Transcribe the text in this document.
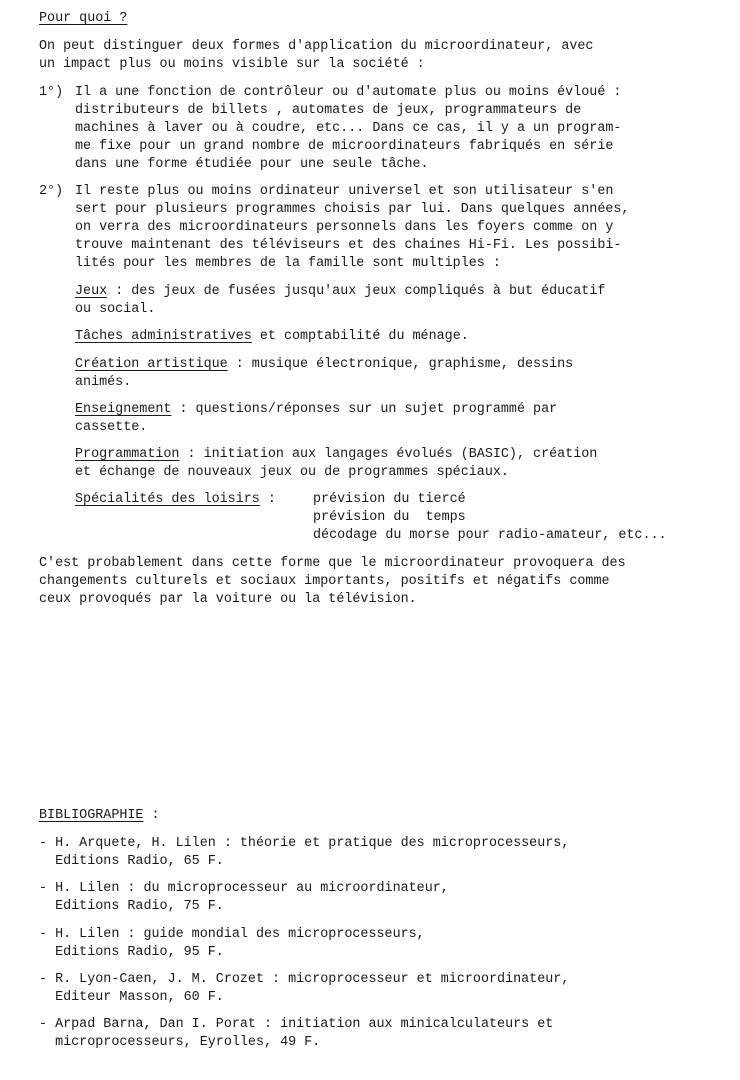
Pour quoi ?
On peut distinguer deux formes d'application du microordinateur, avec
un impact plus ou moins visible sur la société :
1°) Il a une fonction de contrôleur ou d'automate plus ou moins évloué :
distributeurs de billets , automates de jeux, programmateurs de
machines à laver ou à coudre, etc... Dans ce cas, il y a un program-
me fixe pour un grand nombre de microordinateurs fabriqués en série
dans une forme étudiée pour une seule tâche.
2°) Il reste plus ou moins ordinateur universel et son utilisateur s'en
sert pour plusieurs programmes choisis par lui. Dans quelques années,
on verra des microordinateurs personnels dans les foyers comme on y
trouve maintenant des téléviseurs et des chaines Hi-Fi. Les possibi-
lités pour les membres de la famille sont multiples :
Jeux : des jeux de fusées jusqu'aux jeux compliqués à but éducatif
ou social.
Tâches administratives et comptabilité du ménage.
Création artistique : musique électronique, graphisme, dessins
animés.
Enseignement : questions/réponses sur un sujet programmé par
cassette.
Programmation : initiation aux langages évolués (BASIC), création
et échange de nouveaux jeux ou de programmes spéciaux.
Spécialités des loisirs :	prévision du tiercé
prévision du  temps
décodage du morse pour radio-amateur, etc...
C'est probablement dans cette forme que le microordinateur provoquera des
changements culturels et sociaux importants, positifs et négatifs comme
ceux provoqués par la voiture ou la télévision.
BIBLIOGRAPHIE :
- H. Arquete, H. Lilen : théorie et pratique des microprocesseurs,
Editions Radio, 65 F.
- H. Lilen : du microprocesseur au microordinateur,
Editions Radio, 75 F.
- H. Lilen : guide mondial des microprocesseurs,
Editions Radio, 95 F.
- R. Lyon-Caen, J. M. Crozet : microprocesseur et microordinateur,
Editeur Masson, 60 F.
- Arpad Barna, Dan I. Porat : initiation aux minicalculateurs et
microprocesseurs, Eyrolles, 49 F.
